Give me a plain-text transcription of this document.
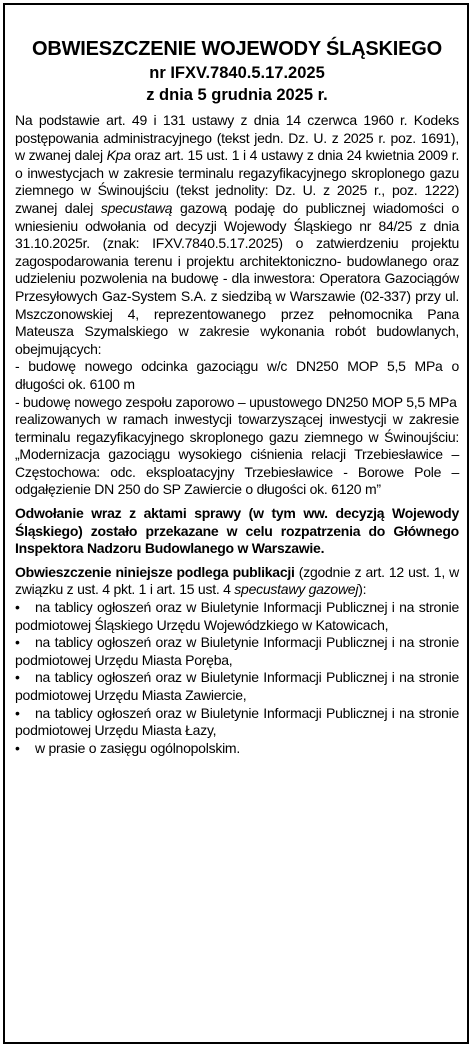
OBWIESZCZENIE WOJEWODY ŚLĄSKIEGO
nr IFXV.7840.5.17.2025
z dnia 5 grudnia 2025 r.

Na podstawie art. 49 i 131 ustawy z dnia 14 czerwca 1960 r. Kodeks postępowania administracyjnego (tekst jedn. Dz. U. z 2025 r. poz. 1691), w zwanej dalej Kpa oraz art. 15 ust. 1 i 4 ustawy z dnia 24 kwietnia 2009 r. o inwestycjach w zakresie terminalu regazyfikacyjnego skroplonego gazu ziemnego w Świnoujściu (tekst jednolity: Dz. U. z 2025 r., poz. 1222) zwanej dalej specustawą gazową podaję do publicznej wiadomości o wniesieniu odwołania od decyzji Wojewody Śląskiego nr 84/25 z dnia 31.10.2025r. (znak: IFXV.7840.5.17.2025) o zatwierdzeniu projektu zagospodarowania terenu i projektu architektoniczno- budowlanego oraz udzieleniu pozwolenia na budowę - dla inwestora: Operatora Gazociągów Przesyłowych Gaz-System S.A. z siedzibą w Warszawie (02-337) przy ul. Mszczonowskiej 4, reprezentowanego przez pełnomocnika Pana Mateusza Szymalskiego w zakresie wykonania robót budowlanych, obejmujących:

- budowę nowego odcinka gazociągu w/c DN250 MOP 5,5 MPa o długości ok. 6100 m

- budowę nowego zespołu zaporowo – upustowego DN250 MOP 5,5 MPa

realizowanych w ramach inwestycji towarzyszącej inwestycji w zakresie terminalu regazyfikacyjnego skroplonego gazu ziemnego w Świnoujściu: „Modernizacja gazociągu wysokiego ciśnienia relacji Trzebiesławice – Częstochowa: odc. eksploatacyjny Trzebiesławice - Borowe Pole – odgałęzienie DN 250 do SP Zawiercie o długości ok. 6120 m”

Odwołanie wraz z aktami sprawy (w tym ww. decyzją Wojewody Śląskiego) zostało przekazane w celu rozpatrzenia do Głównego Inspektora Nadzoru Budowlanego w Warszawie.

Obwieszczenie niniejsze podlega publikacji (zgodnie z art. 12 ust. 1, w związku z ust. 4 pkt. 1 i art. 15 ust. 4 specustawy gazowej):

• na tablicy ogłoszeń oraz w Biuletynie Informacji Publicznej i na stronie podmiotowej Śląskiego Urzędu Wojewódzkiego w Katowicach,
• na tablicy ogłoszeń oraz w Biuletynie Informacji Publicznej i na stronie podmiotowej Urzędu Miasta Poręba,
• na tablicy ogłoszeń oraz w Biuletynie Informacji Publicznej i na stronie podmiotowej Urzędu Miasta Zawiercie,
• na tablicy ogłoszeń oraz w Biuletynie Informacji Publicznej i na stronie podmiotowej Urzędu Miasta Łazy,
• w prasie o zasięgu ogólnopolskim.
